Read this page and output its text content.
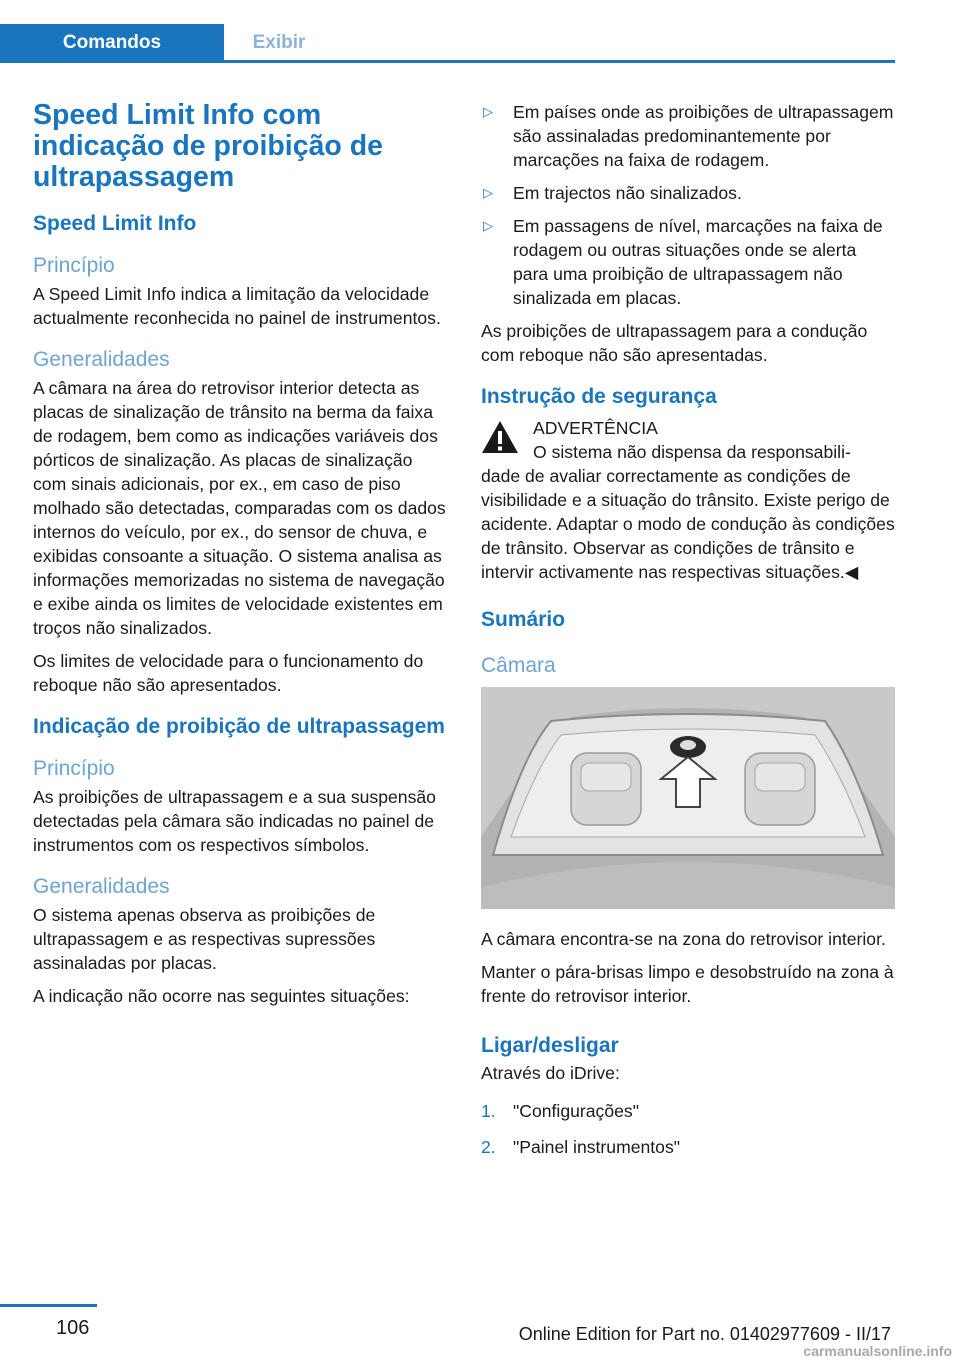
Comandos	Exibir
Speed Limit Info com indicação de proibição de ultrapassagem
Speed Limit Info
Princípio

A Speed Limit Info indica a limitação da velocidade actualmente reconhecida no painel de instrumentos.

Generalidades

A câmara na área do retrovisor interior detecta as placas de sinalização de trânsito na berma da faixa de rodagem, bem como as indicações variáveis dos pórticos de sinalização. As placas de sinalização com sinais adicionais, por ex., em caso de piso molhado são detectadas, comparadas com os dados internos do veículo, por ex., do sensor de chuva, e exibidas consoante a situação. O sistema analisa as informações memorizadas no sistema de navegação e exibe ainda os limites de velocidade existentes em troços não sinalizados.

Os limites de velocidade para o funcionamento do reboque não são apresentados.

Indicação de proibição de ultrapassagem
Princípio

As proibições de ultrapassagem e a sua suspensão detectadas pela câmara são indicadas no painel de instrumentos com os respectivos símbolos.

Generalidades

O sistema apenas observa as proibições de ultrapassagem e as respectivas supressões assinaladas por placas.

A indicação não ocorre nas seguintes situações:

▷ Em países onde as proibições de ultrapassagem são assinaladas predominantemente por marcações na faixa de rodagem.
▷ Em trajectos não sinalizados.
▷ Em passagens de nível, marcações na faixa de rodagem ou outras situações onde se alerta para uma proibição de ultrapassagem não sinalizada em placas.

As proibições de ultrapassagem para a condução com reboque não são apresentadas.

Instrução de segurança

ADVERTÊNCIA

O sistema não dispensa da responsabili-

dade de avaliar correctamente as condições de visibilidade e a situação do trânsito. Existe perigo de acidente. Adaptar o modo de condução às condições de trânsito. Observar as condições de trânsito e intervir activamente nas respectivas situações.◀

Sumário
Câmara

A câmara encontra-se na zona do retrovisor interior.

Manter o pára-brisas limpo e desobstruído na zona à frente do retrovisor interior.

Ligar/desligar

Através do iDrive:

1. "Configurações"
2. "Painel instrumentos"
106	Online Edition for Part no. 01402977609 - II/17
carmanualsonline.info
